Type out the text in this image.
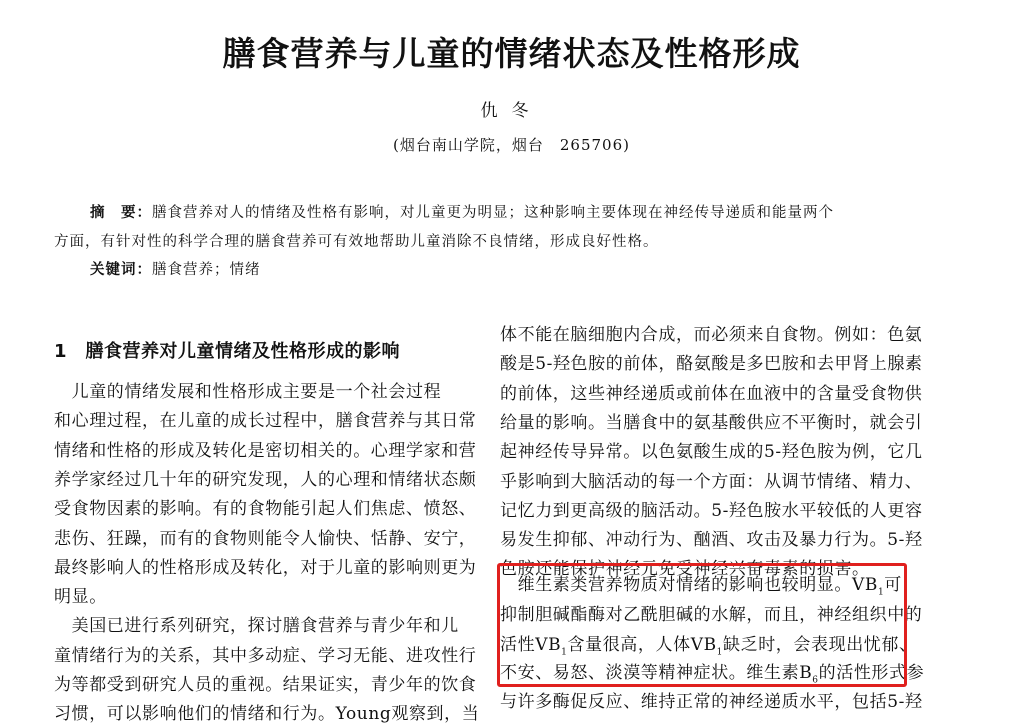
膳食营养与儿童的情绪状态及性格形成
仇冬
(烟台南山学院，烟台　265706)
摘　要：膳食营养对人的情绪及性格有影响，对儿童更为明显；这种影响主要体现在神经传导递质和能量两个
方面，有针对性的科学合理的膳食营养可有效地帮助儿童消除不良情绪，形成良好性格。
关键词：膳食营养；情绪
1　膳食营养对儿童情绪及性格形成的影响
　儿童的情绪发展和性格形成主要是一个社会过程
和心理过程，在儿童的成长过程中，膳食营养与其日常
情绪和性格的形成及转化是密切相关的。心理学家和营
养学家经过几十年的研究发现，人的心理和情绪状态颇
受食物因素的影响。有的食物能引起人们焦虑、愤怒、
悲伤、狂躁，而有的食物则能令人愉快、恬静、安宁，
最终影响人的性格形成及转化，对于儿童的影响则更为
明显。
　美国已进行系列研究，探讨膳食营养与青少年和儿
童情绪行为的关系，其中多动症、学习无能、进攻性行
为等都受到研究人员的重视。结果证实，青少年的饮食
习惯，可以影响他们的情绪和行为。Young观察到，当
体不能在脑细胞内合成，而必须来自食物。例如：色氨
酸是5-羟色胺的前体，酪氨酸是多巴胺和去甲肾上腺素
的前体，这些神经递质或前体在血液中的含量受食物供
给量的影响。当膳食中的氨基酸供应不平衡时，就会引
起神经传导异常。以色氨酸生成的5-羟色胺为例，它几
乎影响到大脑活动的每一个方面：从调节情绪、精力、
记忆力到更高级的脑活动。5-羟色胺水平较低的人更容
易发生抑郁、冲动行为、酗酒、攻击及暴力行为。5-羟
色胺还能保护神经元免受神经兴奋毒素的损害。
　维生素类营养物质对情绪的影响也较明显。$VB_1$可
抑制胆碱酯酶对乙酰胆碱的水解，而且，神经组织中的
活性$VB_1$含量很高，人体$VB_1$缺乏时，会表现出忧郁、
不安、易怒、淡漠等精神症状。维生素$B_6$的活性形式参
与许多酶促反应、维持正常的神经递质水平，包括5-羟
